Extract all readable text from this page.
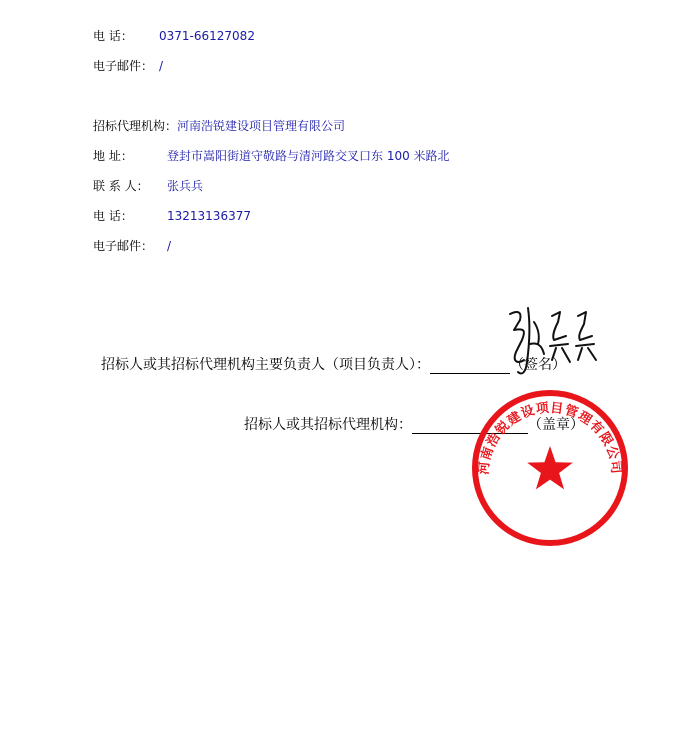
电 话： 0371-66127082
电子邮件： /
招标代理机构：河南浩锐建设项目管理有限公司
地 址：	登封市嵩阳街道守敬路与清河路交叉口东 100 米路北
联 系 人： 张兵兵
电 话：	13213136377
电子邮件： /
招标人或其招标代理机构主要负责人（项目负责人）：	（签名）
招标人或其招标代理机构：	（盖章）
河南浩锐建设项目管理有限公司
